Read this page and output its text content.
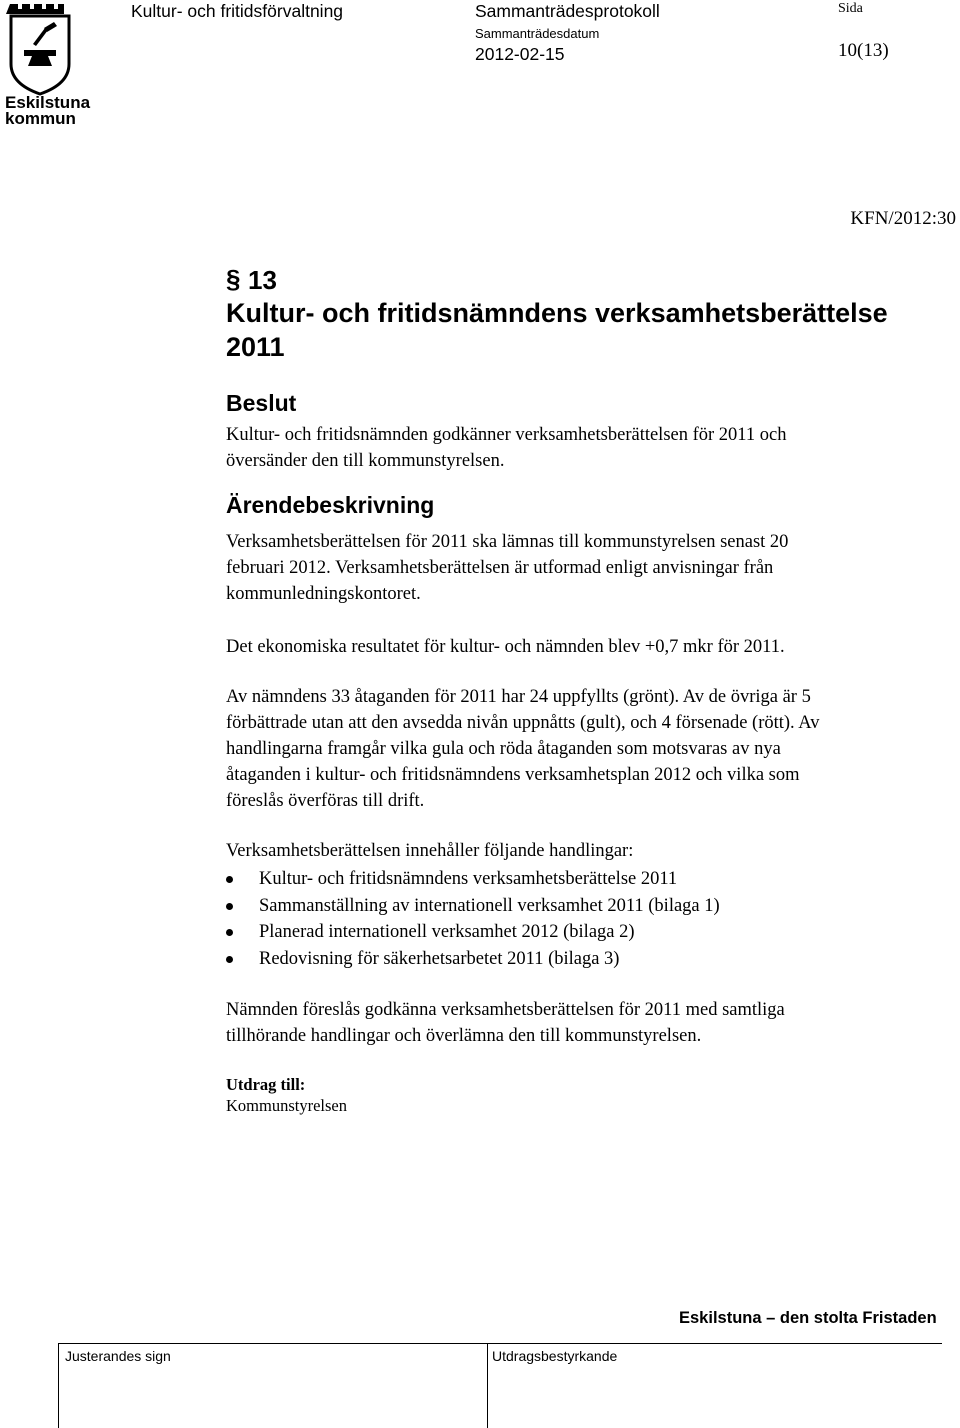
Eskilstuna
kommun
Kultur- och fritidsförvaltning	Sammanträdesprotokoll
Sammanträdesdatum
2012-02-15
Sida
10(13)
KFN/2012:30
§ 13
Kultur- och fritidsnämndens verksamhetsberättelse
2011
Beslut
Kultur- och fritidsnämnden godkänner verksamhetsberättelsen för 2011 och
översänder den till kommunstyrelsen.
Ärendebeskrivning
Verksamhetsberättelsen för 2011 ska lämnas till kommunstyrelsen senast 20
februari 2012. Verksamhetsberättelsen är utformad enligt anvisningar från
kommunledningskontoret.
Det ekonomiska resultatet för kultur- och nämnden blev +0,7 mkr för 2011.
Av nämndens 33 åtaganden för 2011 har 24 uppfyllts (grönt). Av de övriga är 5
förbättrade utan att den avsedda nivån uppnåtts (gult), och 4 försenade (rött). Av
handlingarna framgår vilka gula och röda åtaganden som motsvaras av nya
åtaganden i kultur- och fritidsnämndens verksamhetsplan 2012 och vilka som
föreslås överföras till drift.
Verksamhetsberättelsen innehåller följande handlingar:
Kultur- och fritidsnämndens verksamhetsberättelse 2011
Sammanställning av internationell verksamhet 2011 (bilaga 1)
Planerad internationell verksamhet 2012 (bilaga 2)
Redovisning för säkerhetsarbetet 2011 (bilaga 3)
Nämnden föreslås godkänna verksamhetsberättelsen för 2011 med samtliga
tillhörande handlingar och överlämna den till kommunstyrelsen.
Utdrag till:
Kommunstyrelsen
Eskilstuna – den stolta Fristaden
Justerandes sign	Utdragsbestyrkande
